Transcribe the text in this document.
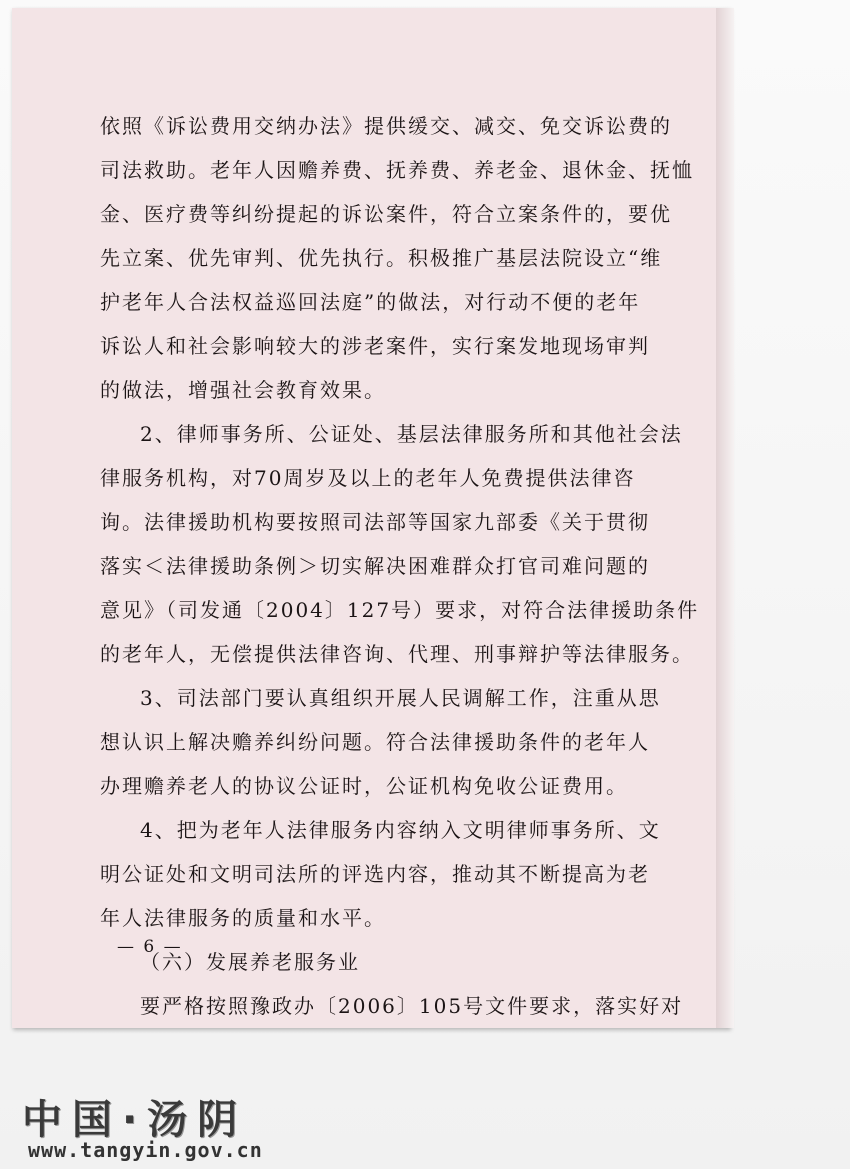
依照《诉讼费用交纳办法》提供缓交、减交、免交诉讼费的
司法救助。老年人因赡养费、抚养费、养老金、退休金、抚恤
金、医疗费等纠纷提起的诉讼案件，符合立案条件的，要优
先立案、优先审判、优先执行。积极推广基层法院设立“维
护老年人合法权益巡回法庭”的做法，对行动不便的老年
诉讼人和社会影响较大的涉老案件，实行案发地现场审判
的做法，增强社会教育效果。
2、律师事务所、公证处、基层法律服务所和其他社会法
律服务机构，对70周岁及以上的老年人免费提供法律咨
询。法律援助机构要按照司法部等国家九部委《关于贯彻
落实＜法律援助条例＞切实解决困难群众打官司难问题的
意见》（司发通〔2004〕127号）要求，对符合法律援助条件
的老年人，无偿提供法律咨询、代理、刑事辩护等法律服务。
3、司法部门要认真组织开展人民调解工作，注重从思
想认识上解决赡养纠纷问题。符合法律援助条件的老年人
办理赡养老人的协议公证时，公证机构免收公证费用。
4、把为老年人法律服务内容纳入文明律师事务所、文
明公证处和文明司法所的评选内容，推动其不断提高为老
年人法律服务的质量和水平。
（六）发展养老服务业
要严格按照豫政办〔2006〕105号文件要求，落实好对
— 6 —
中国·汤阴
www.tangyin.gov.cn
